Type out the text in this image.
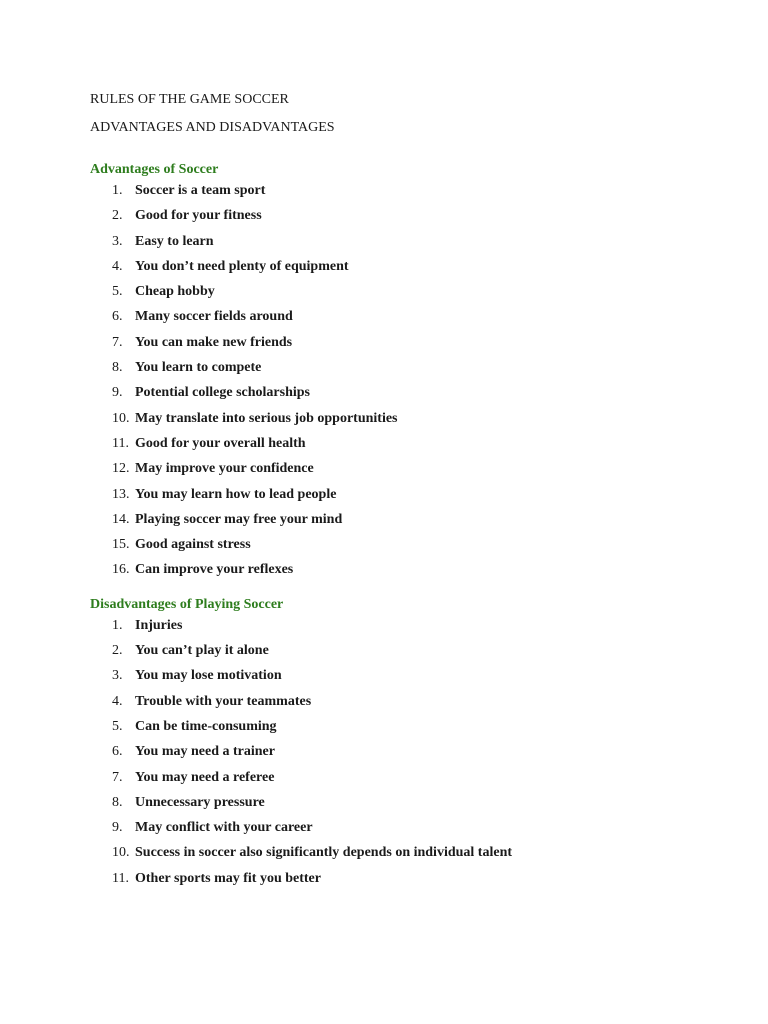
RULES OF THE GAME SOCCER

ADVANTAGES AND DISADVANTAGES

Advantages of Soccer
1. Soccer is a team sport
2. Good for your fitness
3. Easy to learn
4. You don’t need plenty of equipment
5. Cheap hobby
6. Many soccer fields around
7. You can make new friends
8. You learn to compete
9. Potential college scholarships
10. May translate into serious job opportunities
11. Good for your overall health
12. May improve your confidence
13. You may learn how to lead people
14. Playing soccer may free your mind
15. Good against stress
16. Can improve your reflexes
Disadvantages of Playing Soccer
1. Injuries
2. You can’t play it alone
3. You may lose motivation
4. Trouble with your teammates
5. Can be time-consuming
6. You may need a trainer
7. You may need a referee
8. Unnecessary pressure
9. May conflict with your career
10. Success in soccer also significantly depends on individual talent
11. Other sports may fit you better
